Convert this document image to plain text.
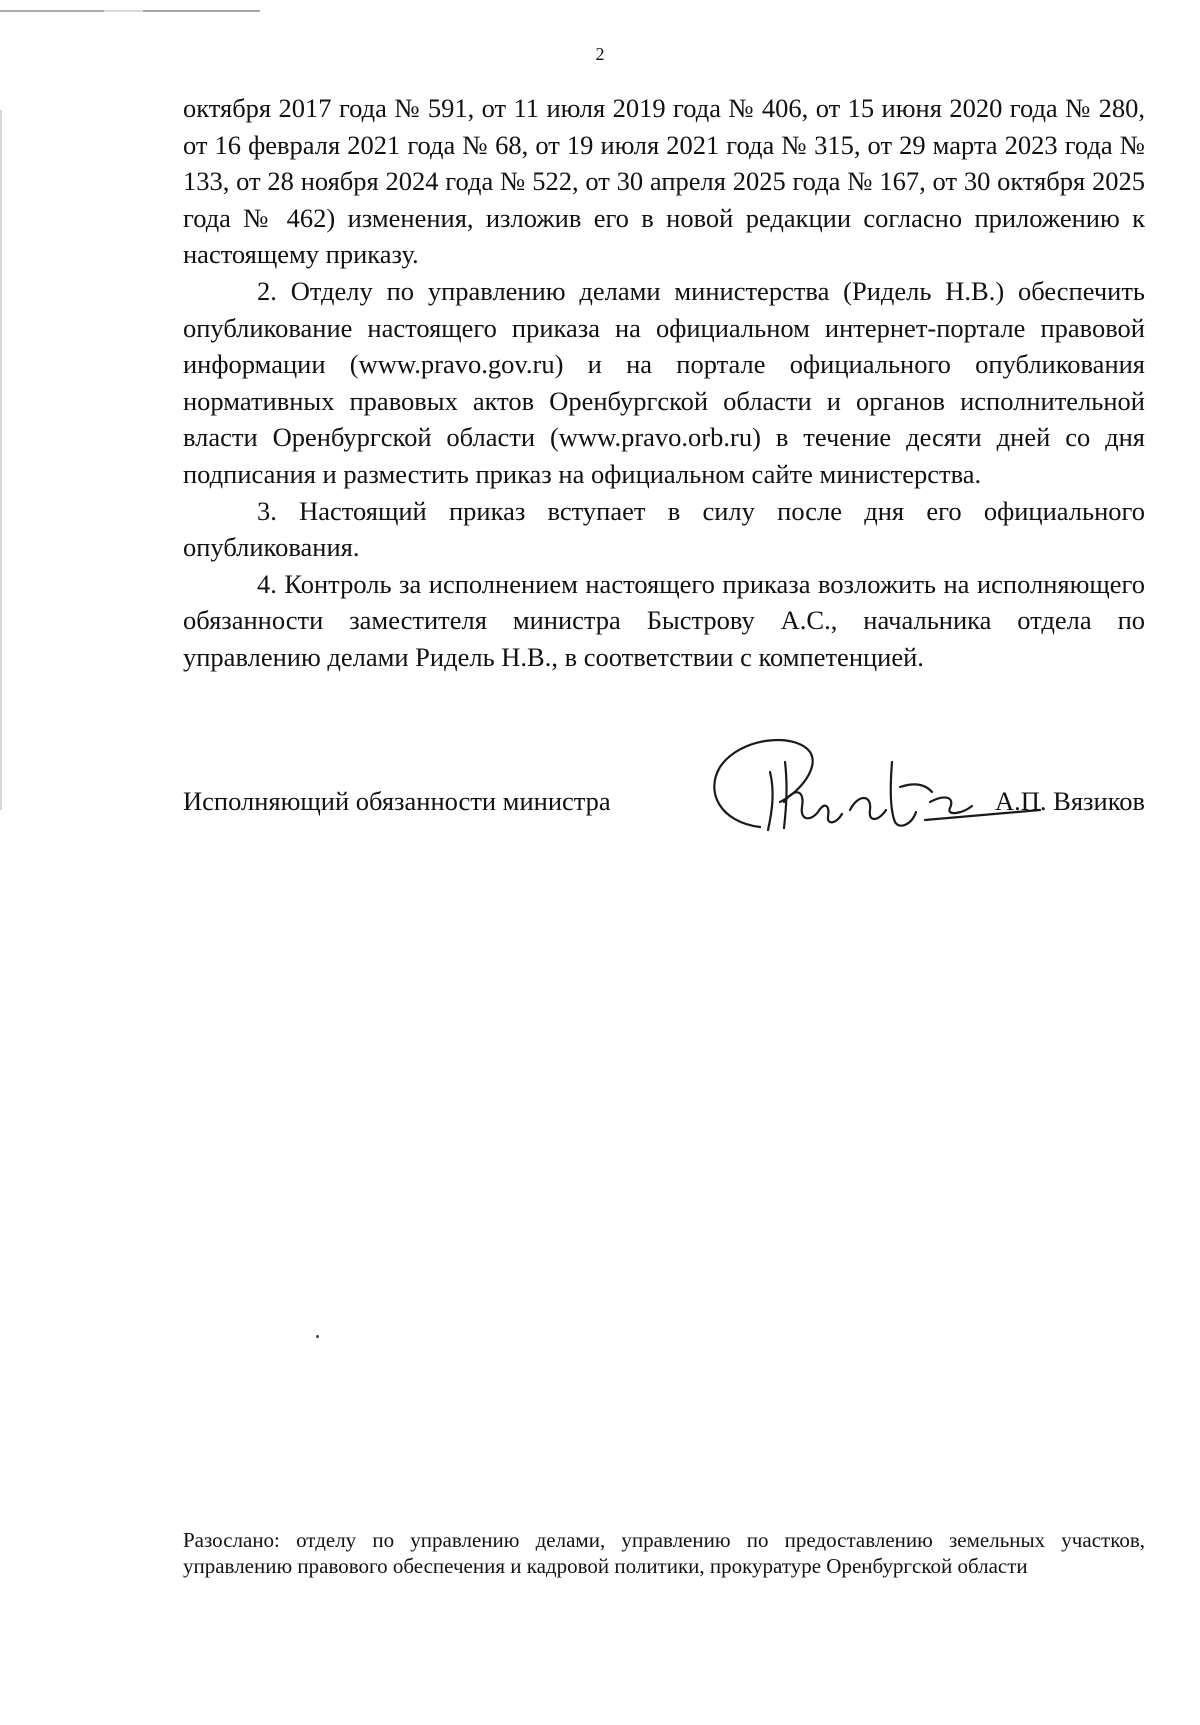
2

октября 2017 года № 591, от 11 июля 2019 года № 406, от 15 июня 2020 года № 280, от 16 февраля 2021 года № 68, от 19 июля 2021 года № 315, от 29 марта 2023 года № 133, от 28 ноября 2024 года № 522, от 30 апреля 2025 года № 167, от 30 октября 2025 года № 462) изменения, изложив его в новой редакции согласно приложению к настоящему приказу.

2. Отделу по управлению делами министерства (Ридель Н.В.) обеспечить опубликование настоящего приказа на официальном интернет-портале правовой информации (www.pravo.gov.ru) и на портале официального опубликования нормативных правовых актов Оренбургской области и органов исполнительной власти Оренбургской области (www.pravo.orb.ru) в течение десяти дней со дня подписания и разместить приказ на официальном сайте министерства.

3. Настоящий приказ вступает в силу после дня его официального опубликования.

4. Контроль за исполнением настоящего приказа возложить на исполняющего обязанности заместителя министра Быстрову А.С., начальника отдела по управлению делами Ридель Н.В., в соответствии с компетенцией.

Исполняющий обязанности министра	А.П. Вязиков
Разослано: отделу по управлению делами, управлению по предоставлению земельных участков, управлению правового обеспечения и кадровой политики, прокуратуре Оренбургской области
